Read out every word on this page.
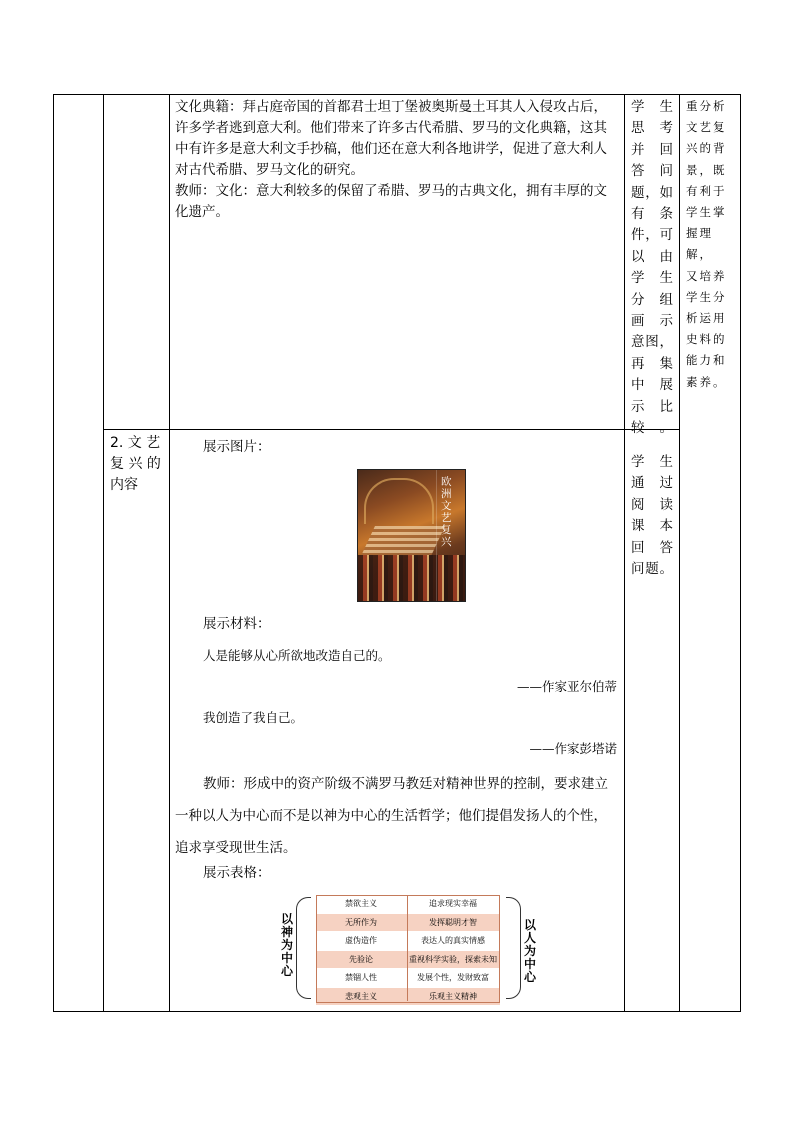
文化典籍：拜占庭帝国的首都君士坦丁堡被奥斯曼土耳其人入侵攻占后，许多学者逃到意大利。他们带来了许多古代希腊、罗马的文化典籍，这其中有许多是意大利文手抄稿，他们还在意大利各地讲学，促进了意大利人对古代希腊、罗马文化的研究。

教师：文化：意大利较多的保留了希腊、罗马的古典文化，拥有丰厚的文化遗产。

学　生
思　考
并　回
答　问
题，如
有　条
件，可
以　由
学　生
分　组
画　示
意图，
再　集
中　展
示　比
较。
重分析
文艺复
兴的背
景，既
有利于
学生掌
握理解，
又培养
学生分
析运用
史料的
能力和
素养。
2. 文 艺
复 兴 的
内容
展示图片：
欧洲文艺复兴
展示材料：
人是能够从心所欲地改造自己的。
——作家亚尔伯蒂
我创造了我自己。
——作家彭塔诺

教师：形成中的资产阶级不满罗马教廷对精神世界的控制，要求建立一种以人为中心而不是以神为中心的生活哲学；他们提倡发扬人的个性，追求享受现世生活。

展示表格：
以神为中心
禁欲主义	追求现实幸福
无所作为	发挥聪明才智
虚伪造作	表达人的真实情感
先验论	重视科学实验，探索未知
禁锢人性	发展个性，发财致富
悲观主义	乐观主义精神
以人为中心
学　生
通　过
阅　读
课　本
回　答
问题。
